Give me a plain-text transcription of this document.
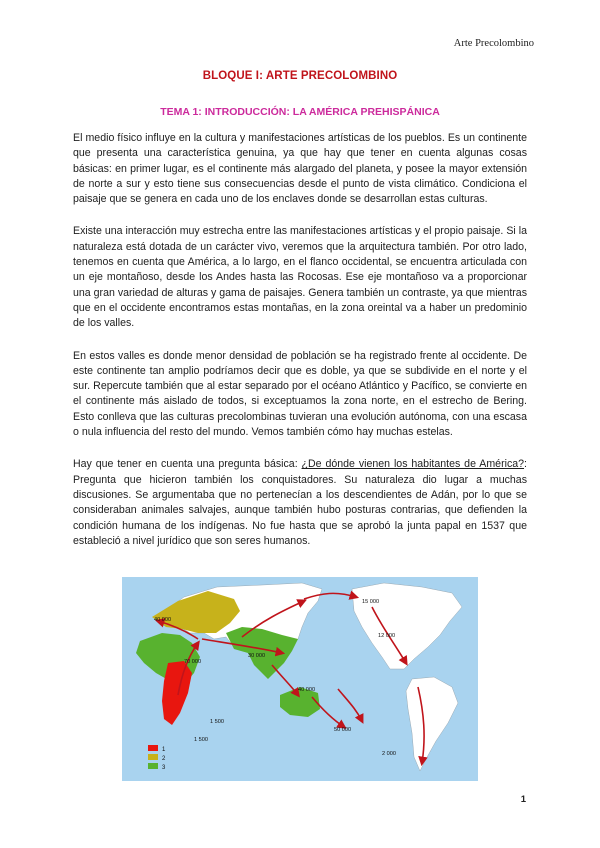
Arte Precolombino
BLOQUE I: ARTE PRECOLOMBINO
TEMA 1: INTRODUCCIÓN: LA AMÉRICA PREHISPÁNICA

El medio físico influye en la cultura y manifestaciones artísticas de los pueblos. Es un continente que presenta una característica genuina, ya que hay que tener en cuenta algunas cosas básicas: en primer lugar, es el continente más alargado del planeta, y posee la mayor extensión de norte a sur y esto tiene sus consecuencias desde el punto de vista climático. Condiciona el paisaje que se genera en cada uno de los enclaves donde se desarrollan estas culturas.

Existe una interacción muy estrecha entre las manifestaciones artísticas y el propio paisaje. Si la naturaleza está dotada de un carácter vivo, veremos que la arquitectura también. Por otro lado, tenemos en cuenta que América, a lo largo, en el flanco occidental, se encuentra articulada con un eje montañoso, desde los Andes hasta las Rocosas. Ese eje montañoso va a proporcionar una gran variedad de alturas y gama de paisajes. Genera también un contraste, ya que mientras que en el occidente encontramos estas montañas, en la zona oreintal va a haber un predominio de los valles.

En estos valles es donde menor densidad de población se ha registrado frente al occidente. De este continente tan amplio podríamos decir que es doble, ya que se subdivide en el norte y el sur. Repercute también que al estar separado por el océano Atlántico y Pacífico, se convierte en el continente más aislado de todos, si exceptuamos la zona norte, en el estrecho de Bering. Esto conlleva que las culturas precolombinas tuvieran una evolución autónoma, con una escasa o nula influencia del resto del mundo. Vemos también cómo hay muchas estelas.

Hay que tener en cuenta una pregunta básica: ¿De dónde vienen los habitantes de América?: Pregunta que hicieron también los conquistadores. Su naturaleza dio lugar a muchas discusiones. Se argumentaba que no pertenecían a los descendientes de Adán, por lo que se consideraban animales salvajes, aunque también hubo posturas contrarias, que defienden la condición humana de los indígenas. No fue hasta que se aprobó la junta papal en 1537 que estableció a nivel jurídico que son seres humanos.

15 000
40 000
12 000
30 000
70 000
40 000
1 500
50 000
1 500
2 000
1
2
3
1
